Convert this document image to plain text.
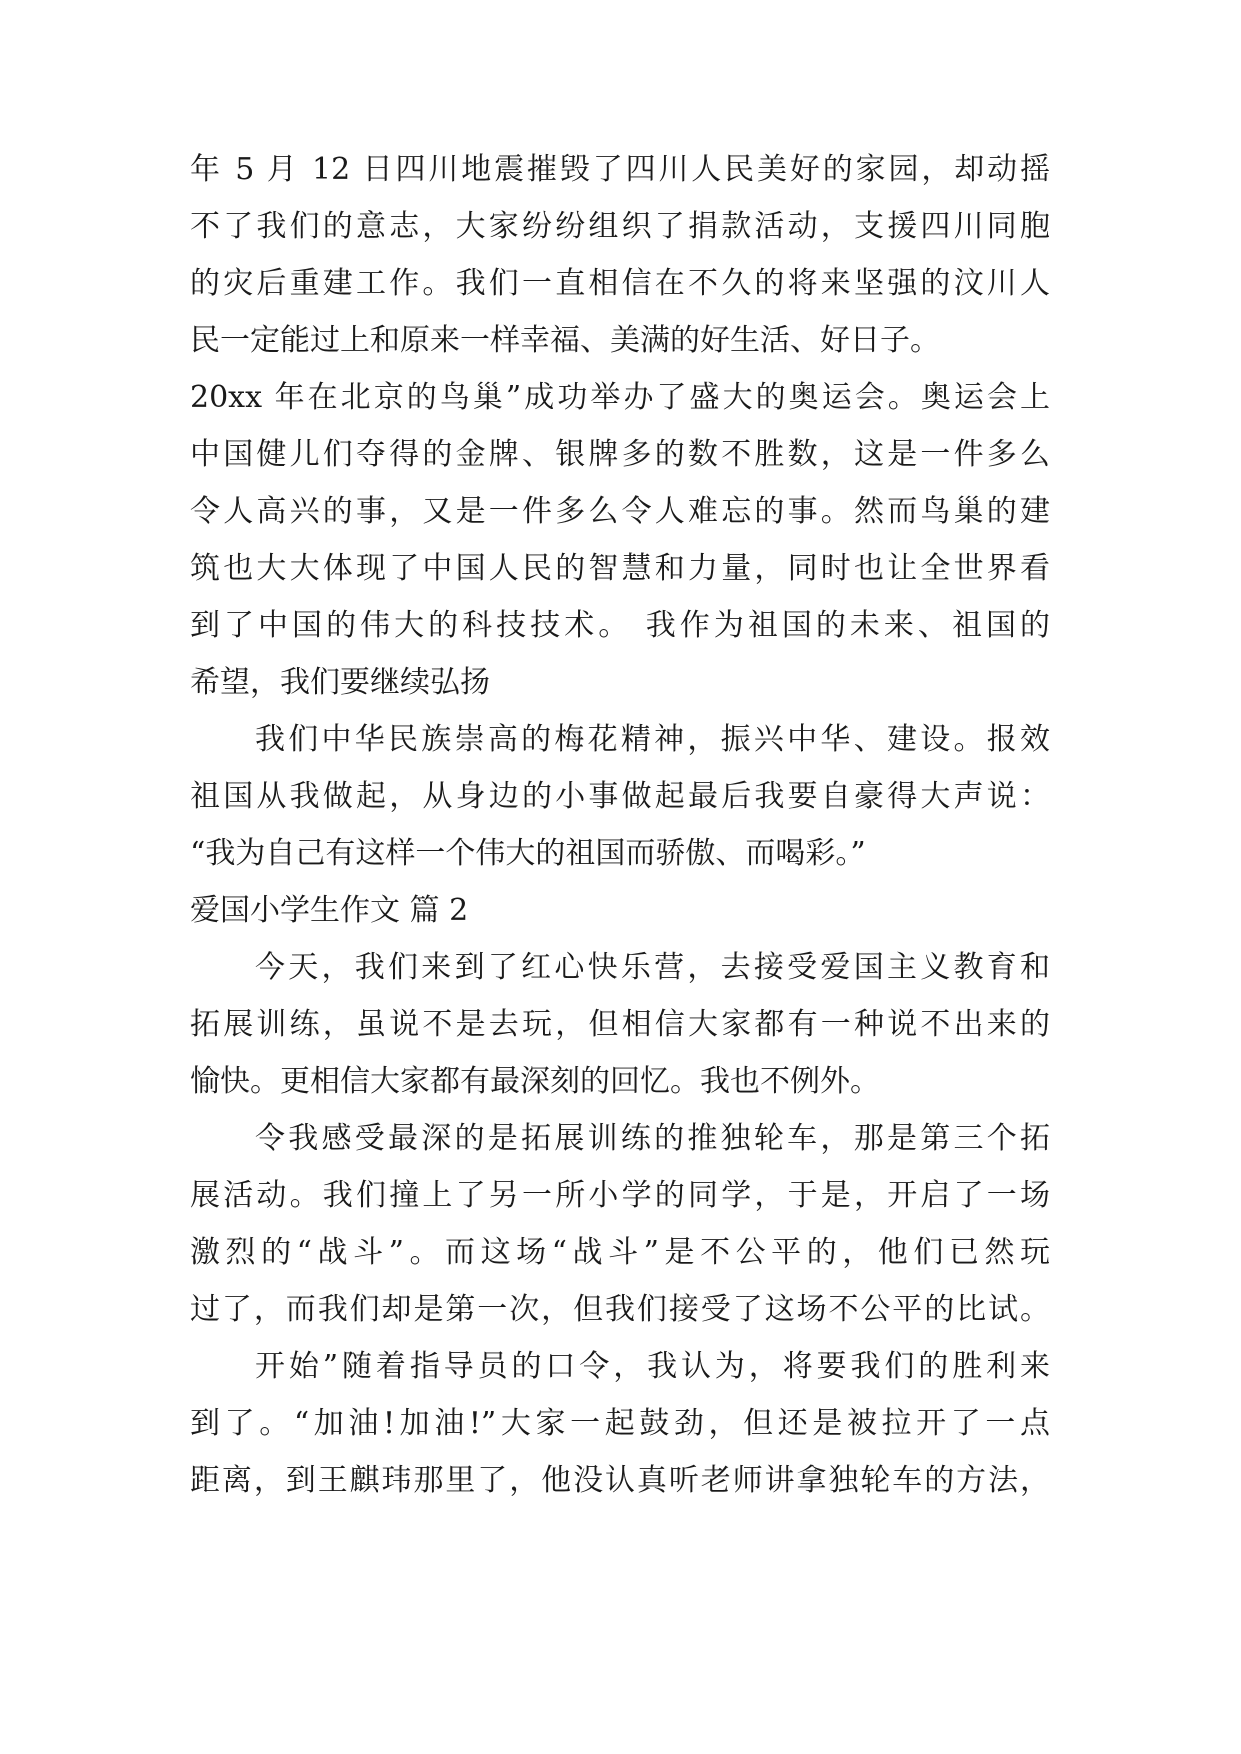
年 5 月 12 日四川地震摧毁了四川人民美好的家园，却动摇
不了我们的意志，大家纷纷组织了捐款活动，支援四川同胞
的灾后重建工作。我们一直相信在不久的将来坚强的汶川人
民一定能过上和原来一样幸福、美满的好生活、好日子。
20xx 年在北京的鸟巢”成功举办了盛大的奥运会。奥运会上
中国健儿们夺得的金牌、银牌多的数不胜数，这是一件多么
令人高兴的事，又是一件多么令人难忘的事。然而鸟巢的建
筑也大大体现了中国人民的智慧和力量，同时也让全世界看
到了中国的伟大的科技技术。 我作为祖国的未来、祖国的
希望，我们要继续弘扬
我们中华民族崇高的梅花精神，振兴中华、建设。报效
祖国从我做起，从身边的小事做起最后我要自豪得大声说：
“我为自己有这样一个伟大的祖国而骄傲、而喝彩。”
爱国小学生作文 篇 2
今天，我们来到了红心快乐营，去接受爱国主义教育和
拓展训练，虽说不是去玩，但相信大家都有一种说不出来的
愉快。更相信大家都有最深刻的回忆。我也不例外。
令我感受最深的是拓展训练的推独轮车，那是第三个拓
展活动。我们撞上了另一所小学的同学，于是，开启了一场
激烈的“战斗”。而这场“战斗”是不公平的，他们已然玩
过了，而我们却是第一次，但我们接受了这场不公平的比试。
开始”随着指导员的口令，我认为，将要我们的胜利来
到了。“加油!加油!”大家一起鼓劲，但还是被拉开了一点
距离，到王麒玮那里了，他没认真听老师讲拿独轮车的方法，
